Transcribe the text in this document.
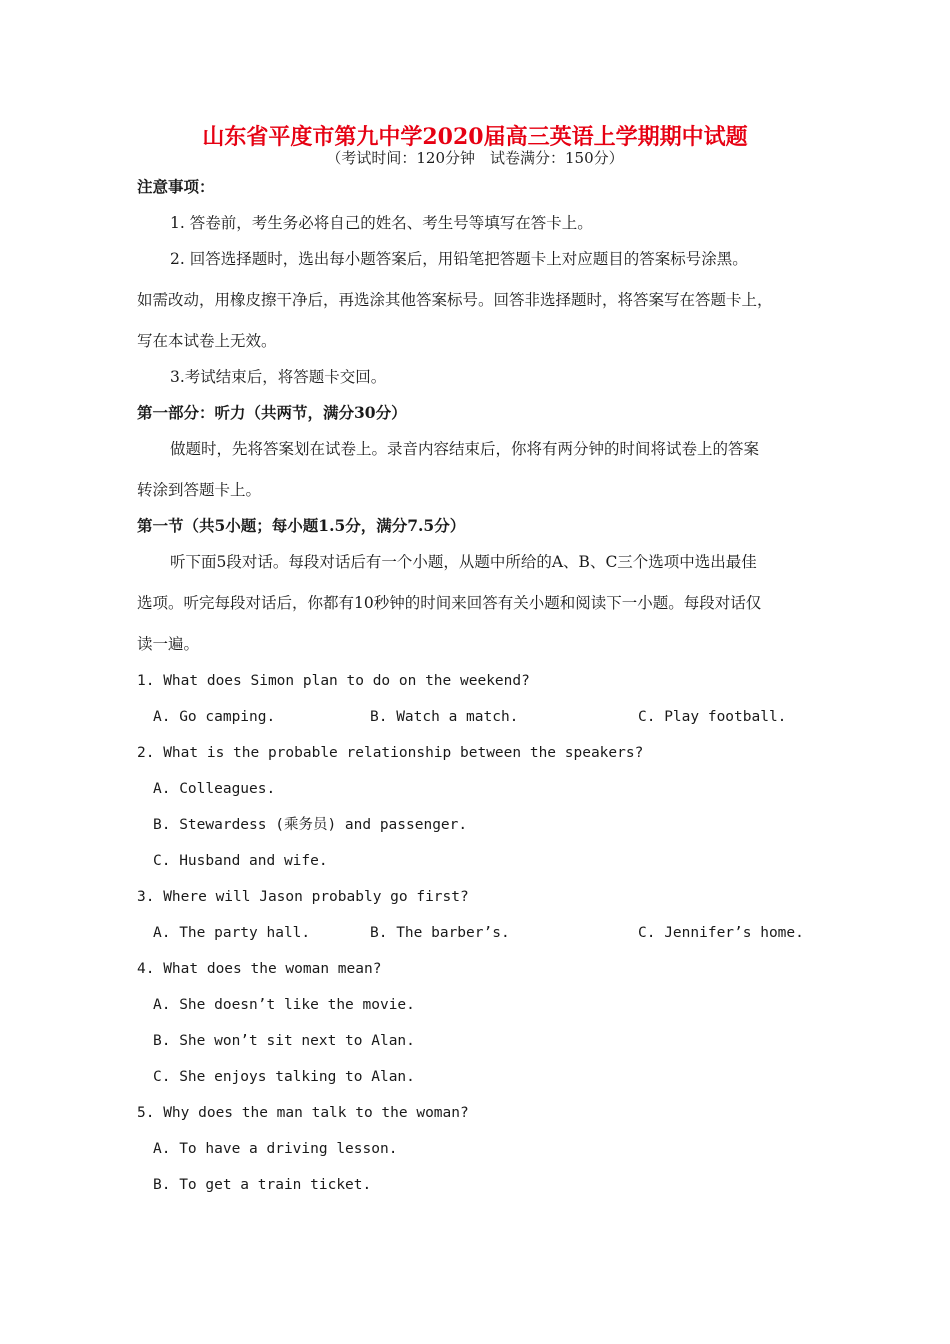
山东省平度市第九中学2020届高三英语上学期期中试题
（考试时间：120分钟　试卷满分：150分）
注意事项：
1. 答卷前，考生务必将自己的姓名、考生号等填写在答卡上。
2. 回答选择题时，选出每小题答案后，用铅笔把答题卡上对应题目的答案标号涂黑。
如需改动，用橡皮擦干净后，再选涂其他答案标号。回答非选择题时，将答案写在答题卡上，
写在本试卷上无效。
3.考试结束后，将答题卡交回。
第一部分：听力（共两节，满分30分）
做题时，先将答案划在试卷上。录音内容结束后，你将有两分钟的时间将试卷上的答案
转涂到答题卡上。
第一节（共5小题；每小题1.5分，满分7.5分）
听下面5段对话。每段对话后有一个小题，从题中所给的A、B、C三个选项中选出最佳
选项。听完每段对话后，你都有10秒钟的时间来回答有关小题和阅读下一小题。每段对话仅
读一遍。
1. What does Simon plan to do on the weekend?
A. Go camping.	B. Watch a match.	C. Play football.
2. What is the probable relationship between the speakers?
A. Colleagues.
B. Stewardess (乘务员) and passenger.
C. Husband and wife.
3. Where will Jason probably go first?
A. The party hall.	B. The barber’s.	C. Jennifer’s home.
4. What does the woman mean?
A. She doesn’t like the movie.
B. She won’t sit next to Alan.
C. She enjoys talking to Alan.
5. Why does the man talk to the woman?
A. To have a driving lesson.
B. To get a train ticket.
